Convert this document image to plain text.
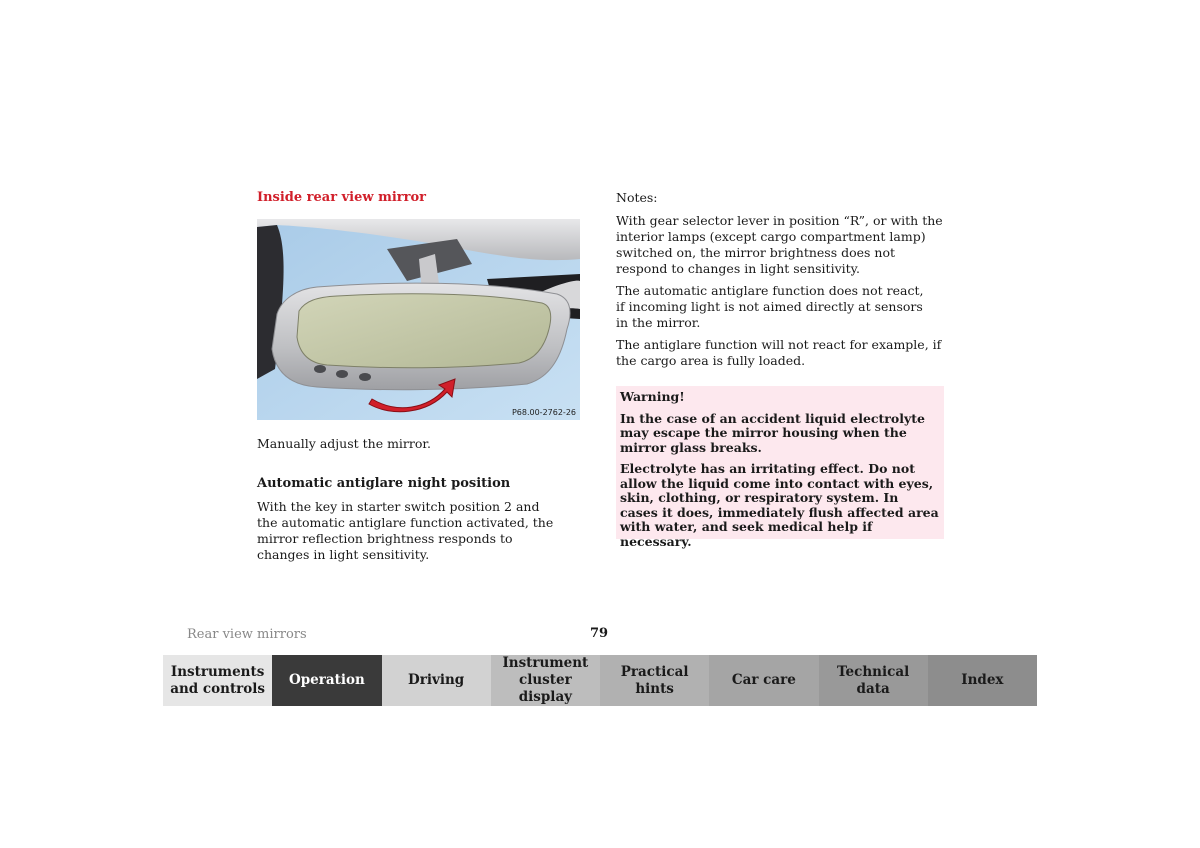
Inside rear view mirror
P68.00-2762-26

Manually adjust the mirror.

Automatic antiglare night position

With the key in starter switch position 2 and the automatic antiglare function activated, the mirror reflection brightness responds to changes in light sensitivity.

Notes:

With gear selector lever in position “R”, or with the interior lamps (except cargo compartment lamp) switched on, the mirror brightness does not respond to changes in light sensitivity.

The automatic antiglare function does not react, if incoming light is not aimed directly at sensors in the mirror.

The antiglare function will not react for example, if the cargo area is fully loaded.

Warning!

In the case of an accident liquid electrolyte may escape the mirror housing when the mirror glass breaks.

Electrolyte has an irritating effect. Do not allow the liquid come into contact with eyes, skin, clothing, or respiratory system. In cases it does, immediately flush affected area with water, and seek medical help if necessary.

Rear view mirrors	79
Instruments
and controls
Operation	Driving
Instrument
cluster display
Practical hints
Car care
Technical
data
Index
